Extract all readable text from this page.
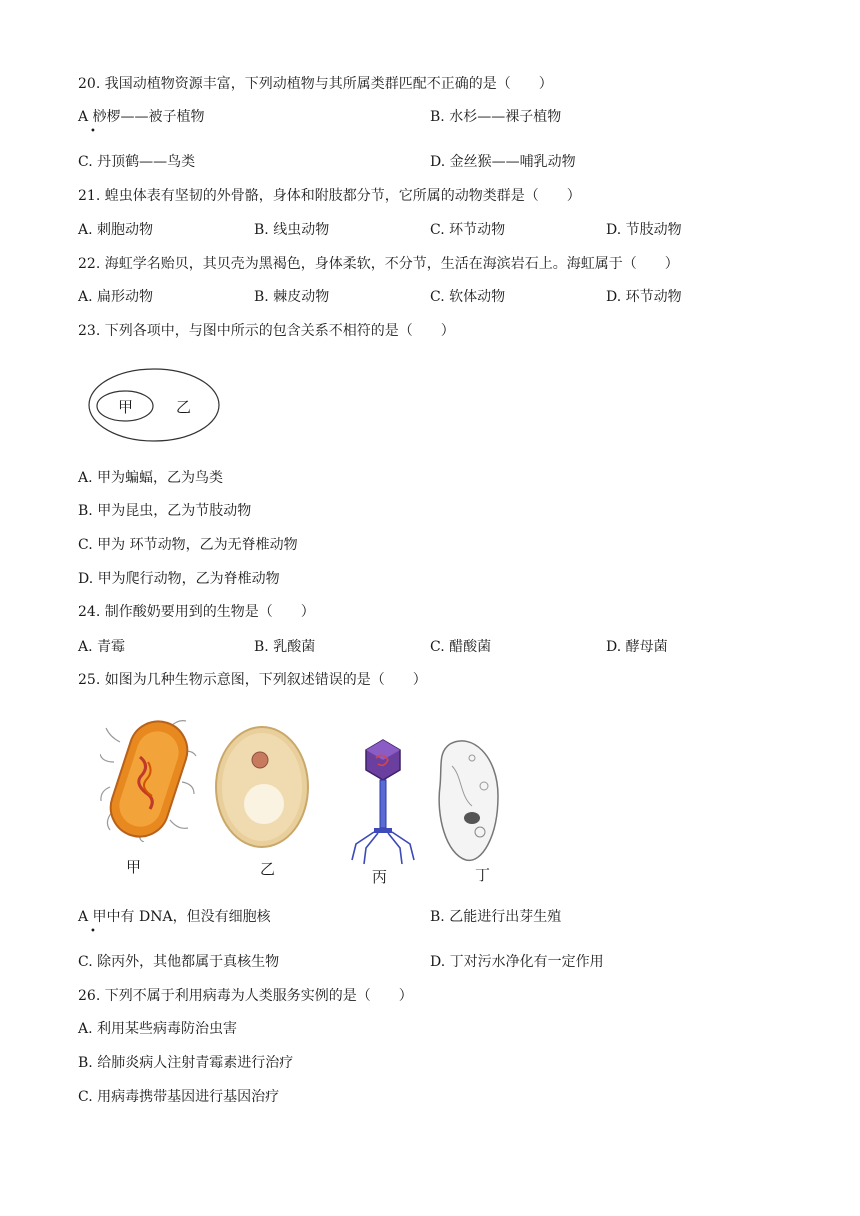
20. 我国动植物资源丰富，下列动植物与其所属类群匹配不正确的是（　　）
A 桫椤——被子植物
•
B. 水杉——裸子植物
C. 丹顶鹤——鸟类	D. 金丝猴——哺乳动物
21. 蝗虫体表有坚韧的外骨骼，身体和附肢都分节，它所属的动物类群是（　　）
A. 刺胞动物	B. 线虫动物	C. 环节动物	D. 节肢动物
22. 海虹学名贻贝，其贝壳为黑褐色，身体柔软，不分节，生活在海滨岩石上。海虹属于（　　）
A. 扁形动物	B. 棘皮动物	C. 软体动物	D. 环节动物
23. 下列各项中，与图中所示的包含关系不相符的是（　　）
甲	乙
A. 甲为蝙蝠，乙为鸟类
B. 甲为昆虫，乙为节肢动物
C. 甲为 环节动物，乙为无脊椎动物
D. 甲为爬行动物，乙为脊椎动物
24. 制作酸奶要用到的生物是（　　）
A. 青霉	B. 乳酸菌	C. 醋酸菌	D. 酵母菌
25. 如图为几种生物示意图，下列叙述错误的是（　　）
甲	乙	丙	丁
A 甲中有 DNA，但没有细胞核
•
B. 乙能进行出芽生殖
C. 除丙外，其他都属于真核生物	D. 丁对污水净化有一定作用
26. 下列不属于利用病毒为人类服务实例的是（　　）
A. 利用某些病毒防治虫害
B. 给肺炎病人注射青霉素进行治疗
C. 用病毒携带基因进行基因治疗
